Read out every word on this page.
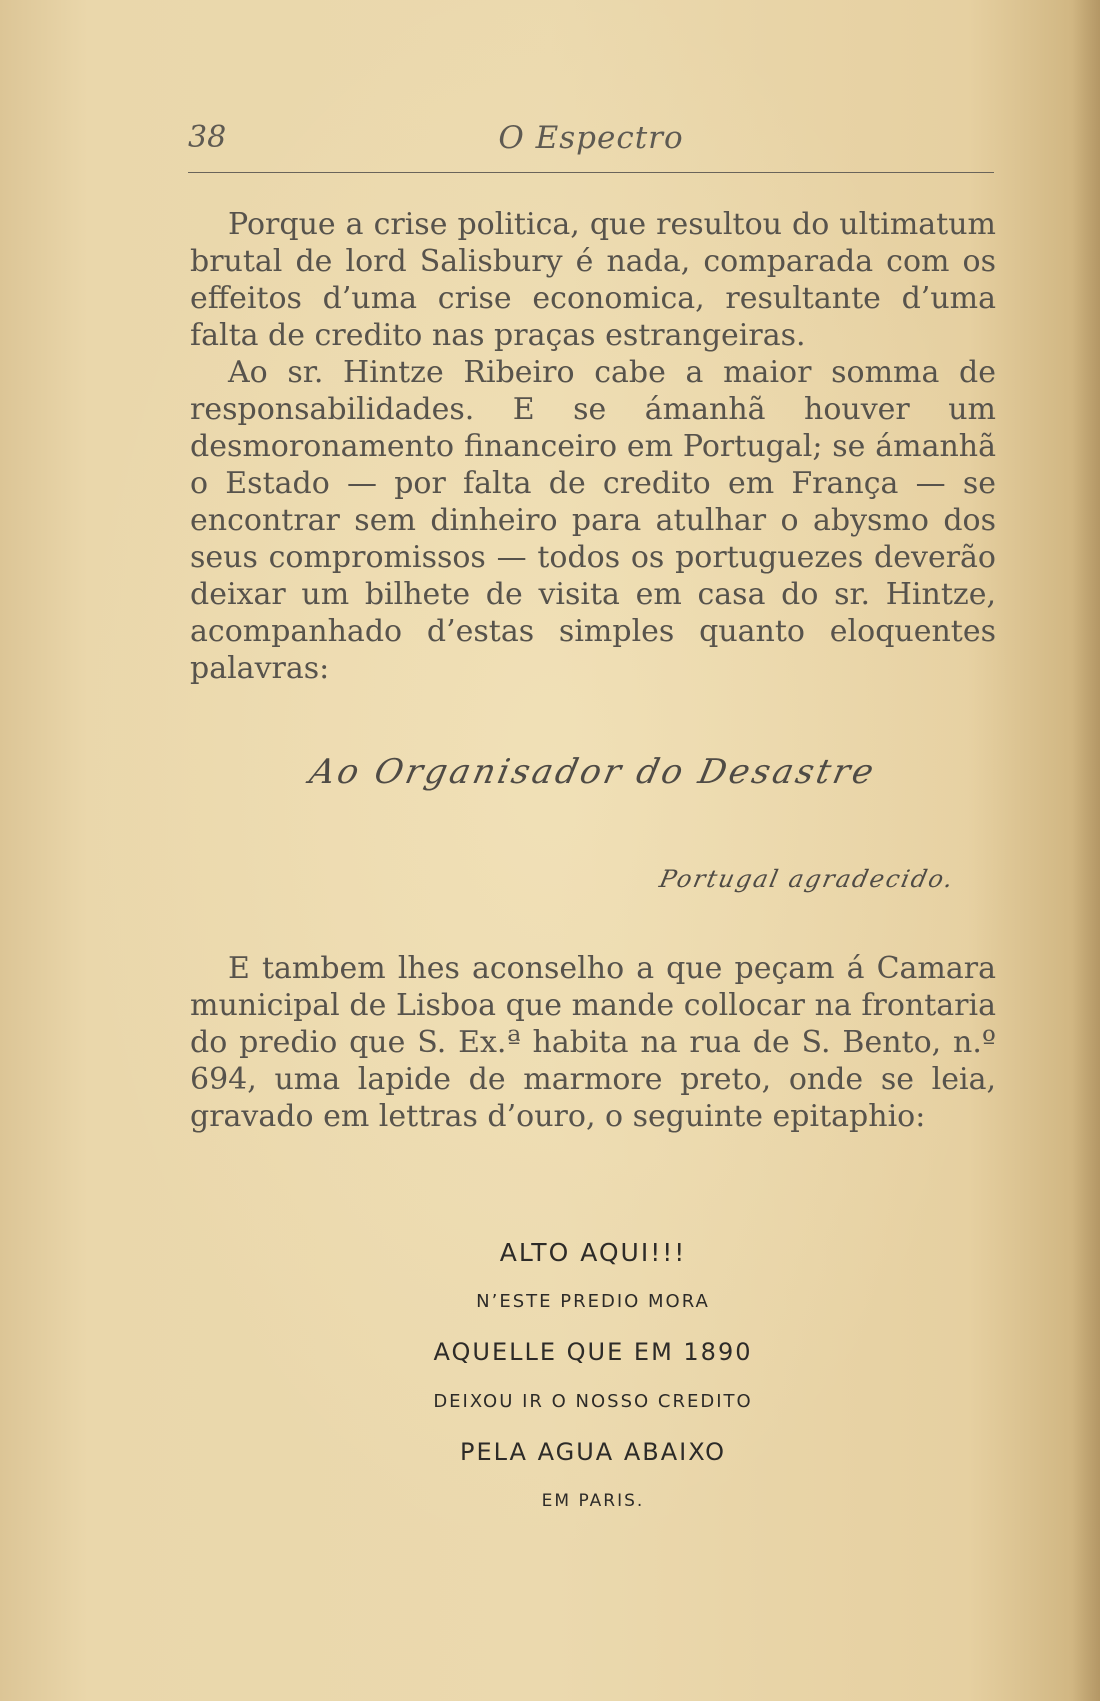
38	O Espectro

Porque a crise politica, que resultou do ultimatum brutal de lord Salisbury é nada, comparada com os effeitos d’uma crise economica, resultante d’uma falta de credito nas praças estrangeiras.

Ao sr. Hintze Ribeiro cabe a maior somma de responsabilidades. E se ámanhã houver um desmoronamento financeiro em Portugal; se ámanhã o Estado — por falta de credito em França — se encontrar sem dinheiro para atulhar o abysmo dos seus compromissos — todos os portuguezes deverão deixar um bilhete de visita em casa do sr. Hintze, acompanhado d’estas simples quanto eloquentes palavras:

Ao Organisador do Desastre
Portugal agradecido.

E tambem lhes aconselho a que peçam á Camara municipal de Lisboa que mande collocar na frontaria do predio que S. Ex.ª habita na rua de S. Bento, n.º 694, uma lapide de marmore preto, onde se leia, gravado em lettras d’ouro, o seguinte epitaphio:

ALTO AQUI!!!
N’ESTE PREDIO MORA
AQUELLE QUE EM 1890
DEIXOU IR O NOSSO CREDITO
PELA AGUA ABAIXO
EM PARIS.
